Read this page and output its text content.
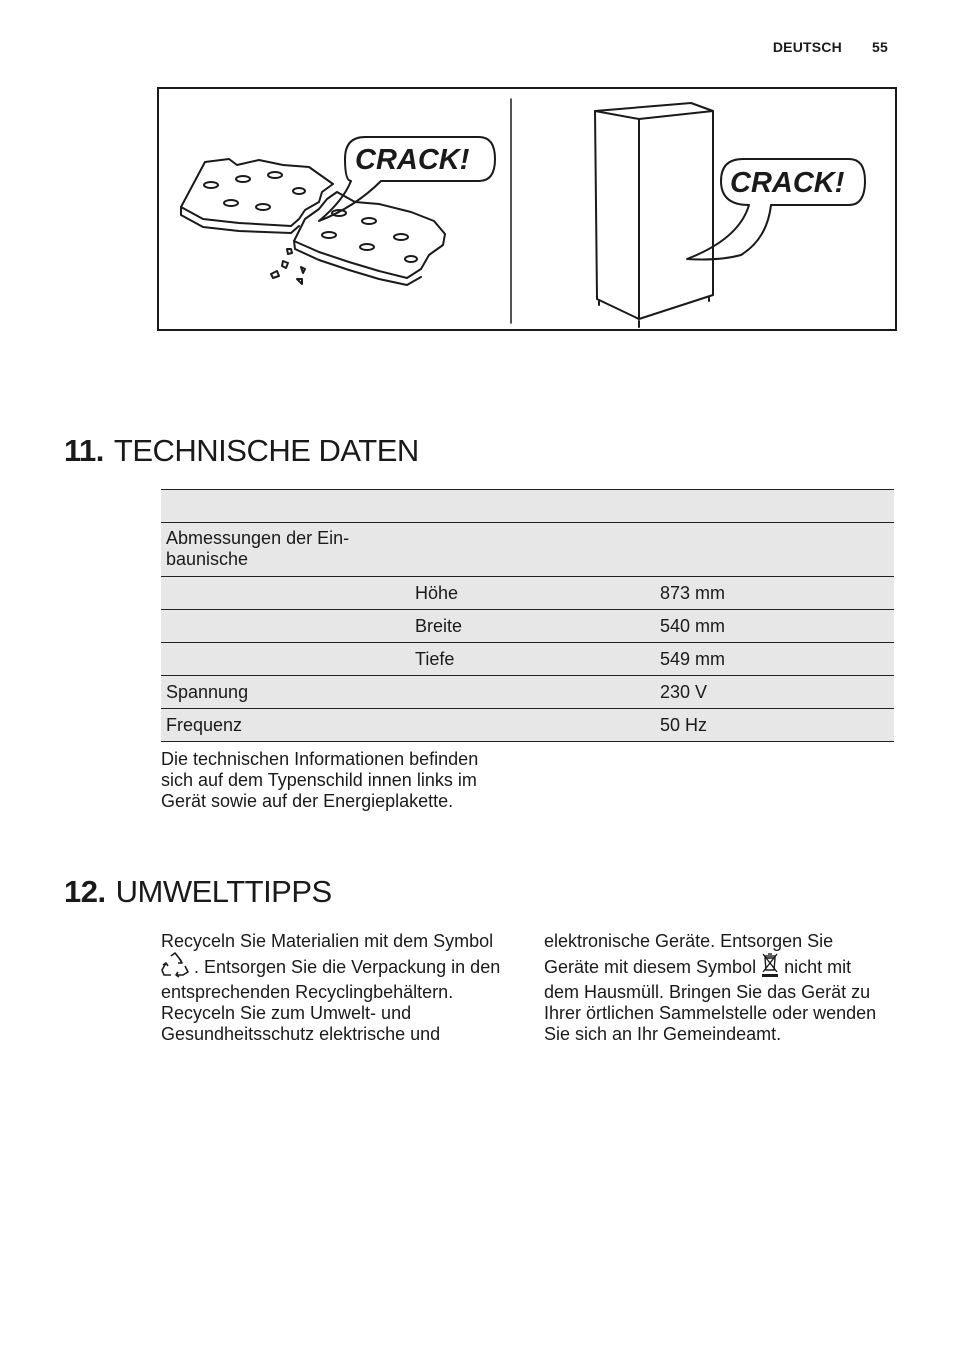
DEUTSCH 55
CRACK!
CRACK!
11. TECHNISCHE DATEN

Abmessungen der Ein-
baunische		
	Höhe	873 mm
	Breite	540 mm
	Tiefe	549 mm
Spannung		230 V
Frequenz		50 Hz
Die technischen Informationen befinden
sich auf dem Typenschild innen links im
Gerät sowie auf der Energieplakette.
12. UMWELTTIPPS

Recyceln Sie Materialien mit dem Symbol

. Entsorgen Sie die Verpackung in den

entsprechenden Recyclingbehältern.

Recyceln Sie zum Umwelt- und

Gesundheitsschutz elektrische und

elektronische Geräte. Entsorgen Sie

Geräte mit diesem Symbol  nicht mit

dem Hausmüll. Bringen Sie das Gerät zu

Ihrer örtlichen Sammelstelle oder wenden

Sie sich an Ihr Gemeindeamt.
